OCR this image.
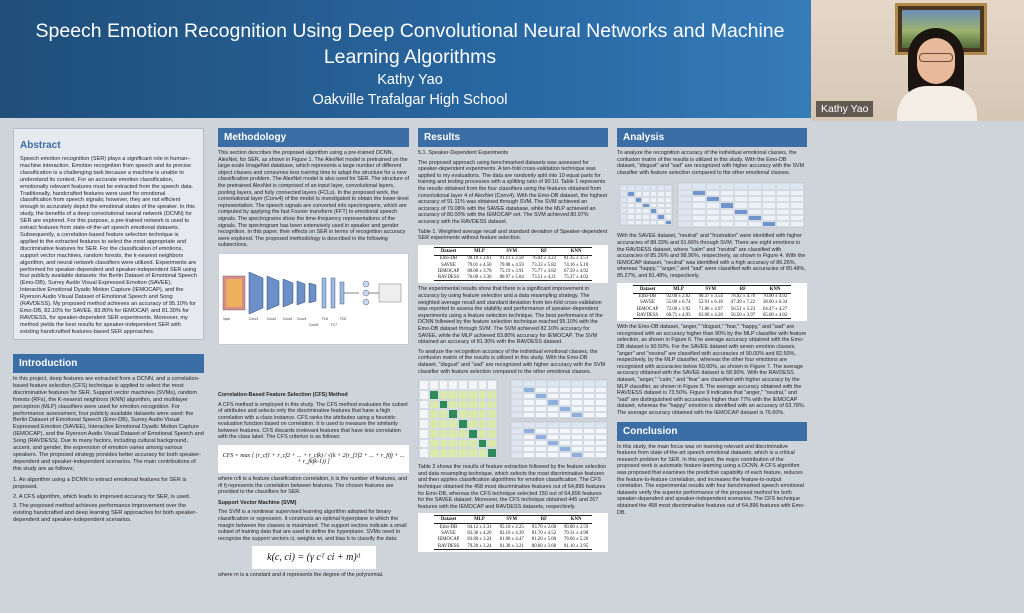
Speech Emotion Recognition Using Deep Convolutional Neural Networks and Machine Learning Algorithms
Kathy Yao
Oakville Trafalgar High School
Kathy Yao
Abstract

Speech emotion recognition (SER) plays a significant role in human–machine interaction. Emotion recognition from speech and its precise classification is a challenging task because a machine is unable to understand its context. For an accurate emotion classification, emotionally relevant features must be extracted from the speech data. Traditionally, handcrafted features were used for emotional classification from speech signals; however, they are not efficient enough to accurately depict the emotional states of the speaker. In this study, the benefits of a deep convolutional neural network (DCNN) for SER are explored. For this purpose, a pre-trained network is used to extract features from state-of-the-art speech emotional datasets. Subsequently, a correlation-based feature selection technique is applied to the extracted features to select the most appropriate and discriminative features for SER. For the classification of emotions, support vector machines, random forests, the k-nearest neighbors algorithm, and neural network classifiers were utilized. Experiments are performed for speaker-dependent and speaker-independent SER using four publicly available datasets: the Berlin Dataset of Emotional Speech (Emo-DB), Surrey Audio Visual Expressed Emotion (SAVEE), Interactive Emotional Dyadic Motion Capture (IEMOCAP), and the Ryerson Audio Visual Dataset of Emotional Speech and Song (RAVDESS). My proposed method achieves an accuracy of 95.10% for Emo-DB, 82.10% for SAVEE, 83.80% for IEMOCAP, and 81.30% for RAVDESS, for speaker-dependent SER experiments. Moreover, my method yields the best results for speaker-independent SER with existing handcrafted features-based SER approaches.

Introduction

In this project, deep features are extracted from a DCNN, and a correlation-based feature selection (CFS) technique is applied to select the most discriminative features for SER. Support vector machines (SVMs), random forests (RFs), the K-nearest neighbors (KNN) algorithm, and multilayer perceptron (MLP) classifiers were used for emotion recognition. For performance assessment, four publicly available datasets were used: the Berlin Dataset of Emotional Speech (Emo-DB), Surrey Audio Visual Expressed Emotion (SAVEE), Interactive Emotional Dyadic Motion Capture (IEMOCAP), and the Ryerson Audio Visual Dataset of Emotional Speech and Song (RAVDESS). Due to many factors, including cultural background, accent, and gender, the expression of emotion varies among various speakers. The proposed strategy provides better accuracy for both speaker-dependent and speaker-independent scenarios. The main contributions of this study are as follows;

1. An algorithm using a DCNN to extract emotional features for SER is proposed.

2. A CFS algorithm, which leads to improved accuracy for SER, is used.

3. The proposed method achieves performance improvement over the existing handcrafted and deep learning SER approaches for both speaker-dependent and speaker-independent scenarios.

Methodology

This section describes the proposed algorithm using a pre-trained DCNN, AlexNet, for SER, as shown in Figure 1. The AlexNet model is pretrained on the large-scale ImageNet database, which represents a large number of different object classes and consumes less training time to adapt the structure for a new classification problem. The AlexNet model is also used for SER. The structure of the pretrained AlexNet is comprised of an input layer, convolutional layers, pooling layers, and fully connected layers (FCLs). In the proposed work, the convolutional layer (Conv4) of the model is investigated to obtain the lower-level representation. The speech signals are converted into spectrograms, which are computed by applying the fast Fourier transform (FFT) to emotional speech signals. The spectrograms show the time-frequency representations of the signals. The spectrogram has been extensively used in speaker and gender recognition. In this paper, their effects on SER in terms of recognition accuracy were explored. The proposed methodology is described in the following subsections.

Input	Conv1	Conv2 Conv3 Conv4
Conv5
FC6
FC7
FC8

Correlation-Based Feature Selection (CFS) Method

A CFS method is employed in this study. The CFS method evaluates the subset of attributes and selects only the discriminative features that have a high correlation with a class instance. CFS ranks the attributes using a heuristic evaluation function based on correlation. It is used to measure the similarity between features. CFS discards irrelevant features that have less correlation with the class label. The CFS criterion is as follows:

CFS = max [ (r_cf1 + r_cf2 + ... + r_cfk) / √(k + 2(r_f1f2 + ... + r_fifj + ... + r_fkfk-1)) ]

where rcfi is a feature classification correlation, k is the number of features, and rfi fj represents the correlation between features. The chosen features are provided to the classifiers for SER.

Support Vector Machine (SVM)

The SVM is a nonlinear supervised learning algorithm adopted for binary classification or regression. It constructs an optimal hyperplane in which the margin between the classes is maximized. The support vectors indicate a small subset of training data that are used to define the hyperplane. SVMs need to recognize the support vectors ci, weights wi, and bias b to classify the data:

k(c, ci) = (γ cᵀ ci + m)ᵈ

where m is a constant and d represents the degree of the polynomial.

Results

5.1. Speaker-Dependent Experiments

The proposed approach using benchmarked datasets was assessed for speaker-dependent experiments. A ten-fold cross-validation technique was applied to my evaluations. The data are randomly split into 10 equal parts for training and testing processes with a splitting ratio of 90:10. Table 1 represents the results obtained from the four classifiers using the features obtained from convolutional layer 4 of AlexNet (Conv4). With the Emo-DB dataset, the highest accuracy of 91.11% was obtained through SVM. The SVM achieved an accuracy of 79.08% with the SAVEE database, while the MLP achieved an accuracy of 80.00% with the IEMOCAP set. The SVM achieved 80.97% accuracy with the RAVDESS dataset.

Table 1. Weighted average recall and standard deviation of Speaker-dependent SER experiments without feature selection.

Dataset	MLP	SVM	RF	KNN
Emo-DB	90.10 ± 2.61	91.11 ± 2.58	76.04 ± 3.23	81.35 ± 3.51
SAVEE	79.01 ± 4.50	79.08 ± 4.59	73.33 ± 5.82	74.16 ± 5.18
IEMOCAP	80.00 ± 3.78	75.19 ± 3.91	75.77 ± 3.82	67.59 ± 4.92
RAVDESS	76.00 ± 3.36	80.97 ± 5.04	73.51 ± 4.21	75.37 ± 4.02

The experimental results show that there is a significant improvement in accuracy by using feature selection and a data resampling strategy. The weighted average recall and standard deviation from ten-fold cross-validation was reported to assess the stability and performance of speaker-dependent experiments using a feature selection technique. The best performance of the DCNN followed by the feature selection technique reached 95.10% with the Emo-DB dataset through SVM. The SVM achieved 82.10% accuracy for SAVEE, while the MLP achieved 83.80% accuracy for IEMOCAP. The SVM obtained an accuracy of 81.30% with the RAVDESS dataset.

To analyze the recognition accuracy of the individual emotional classes, the confusion matrix of the results is utilized in this study. With the Emo-DB dataset, "disgust" and "sad" are recognized with higher accuracy with the SVM classifier with feature selection compared to the other emotional classes.

Table 2 shows the results of feature extraction followed by the feature selection and data resampling technique, which selects the most discriminative features and then applies classification algorithms for emotion classification. The CFS technique obtained the 458 most discriminative features out of 64,896 features for Emo-DB, whereas the CFS technique selected 150 out of 64,896 features for the SAVEE dataset. Moreover, the CFS technique obtained 445 and 267 features with the IEMOCAP and RAVDESS datasets, respectively.

Dataset	MLP	SVM	RF	KNN
Emo-DB	94.12 ± 2.31	95.10 ± 2.25	93.70 ± 2.68	90.80 ± 2.59
SAVEE	83.30 ± 4.20	82.10 ± 4.39	81.70 ± 4.52	79.31 ± 4.98
IEMOCAP	83.80 ± 3.24	81.00 ± 4.47	81.20 ± 5.00	76.66 ± 5.20
RAVDESS	79.20 ± 3.24	81.30 ± 3.21	80.60 ± 3.68	81.10 ± 3.95
Analysis

To analyze the recognition accuracy of the individual emotional classes, the confusion matrix of the results is utilized in this study. With the Emo-DB dataset, "disgust" and "sad" are recognized with higher accuracy with the SVM classifier with feature selection compared to the other emotional classes.

With the SAVEE dataset, "neutral" and "frustration" were identified with higher accuracies of 88.33% and 91.66% through SVM. There are eight emotions in the RAVDESS dataset, where "calm" and "neutral" are classified with accuracies of 85.26% and 98.96%, respectively, as shown in Figure 4. With the IEMOCAP dataset, "neutral" was identified with a high accuracy of 86.26%, whereas "happy," "anger," and "sad" were classified with accuracies of 80.48%, 85.27%, and 81.48%, respectively.

Dataset	MLP	SVM	RF	KNN
Emo-DB	92.00 ± 2.02	90.37 ± 3.54	78.92 ± 4.78	70.00 ± 4.92
SAVEE	55.00 ± 6.74	52.91 ± 6.18	47.49 ± 7.22	38.00 ± 6.34
IEMOCAP	72.00 ± 3.92	71.86 ± 4.97	56.51 ± 5.23	64.47 ± 4.27
RAVDESS	60.71 ± 4.93	63.00 ± 4.28	56.50 ± 3.97	65.00 ± 4.02

With the Emo-DB dataset, "anger," "disgust," "fear," "happy," and "sad" are recognized with an accuracy higher than 90% by the MLP classifier with feature selection, as shown in Figure 6. The average accuracy obtained with the Emo-DB dataset is 90.50%. For the SAVEE dataset with seven emotion classes, "anger" and "neutral" are classified with accuracies of 90.00% and 82.50%, respectively, by the MLP classifier, whereas the other four emotions are recognized with accuracies below 60.00%, as shown in Figure 7. The average accuracy obtained with the SAVEE dataset is 68.90%. With the RAVDESS dataset, "anger," "calm," and "fear" are classified with higher accuracy by the MLP classifier, as shown in Figure 8. The average accuracy obtained with the RAVDESS dataset is 73.50%. Figure 9 indicates that "anger," "neutral," and "sad" are distinguished with accuracies higher than 77% with the IEMOCAP dataset, whereas the "happy" emotion is identified with an accuracy of 63.78%. The average accuracy obtained with the IEMOCAP dataset is 76.60%.

Conclusion

In this study, the main focus was on learning relevant and discriminative features from state-of-the-art speech emotional datasets, which is a critical research problem for SER. In this regard, the major contribution of the proposed work is automatic feature learning using a DCNN. A CFS algorithm was proposed that examines the predictive capability of each feature, reduces the feature-to-feature correlation, and increases the feature-to-output correlation. The experimental results with four benchmarked speech emotional datasets verify the superior performance of the proposed method for both speaker-dependent and speaker-independent scenarios. The CFS technique obtained the 458 most discriminative features out of 64,896 features with Emo-DB.
